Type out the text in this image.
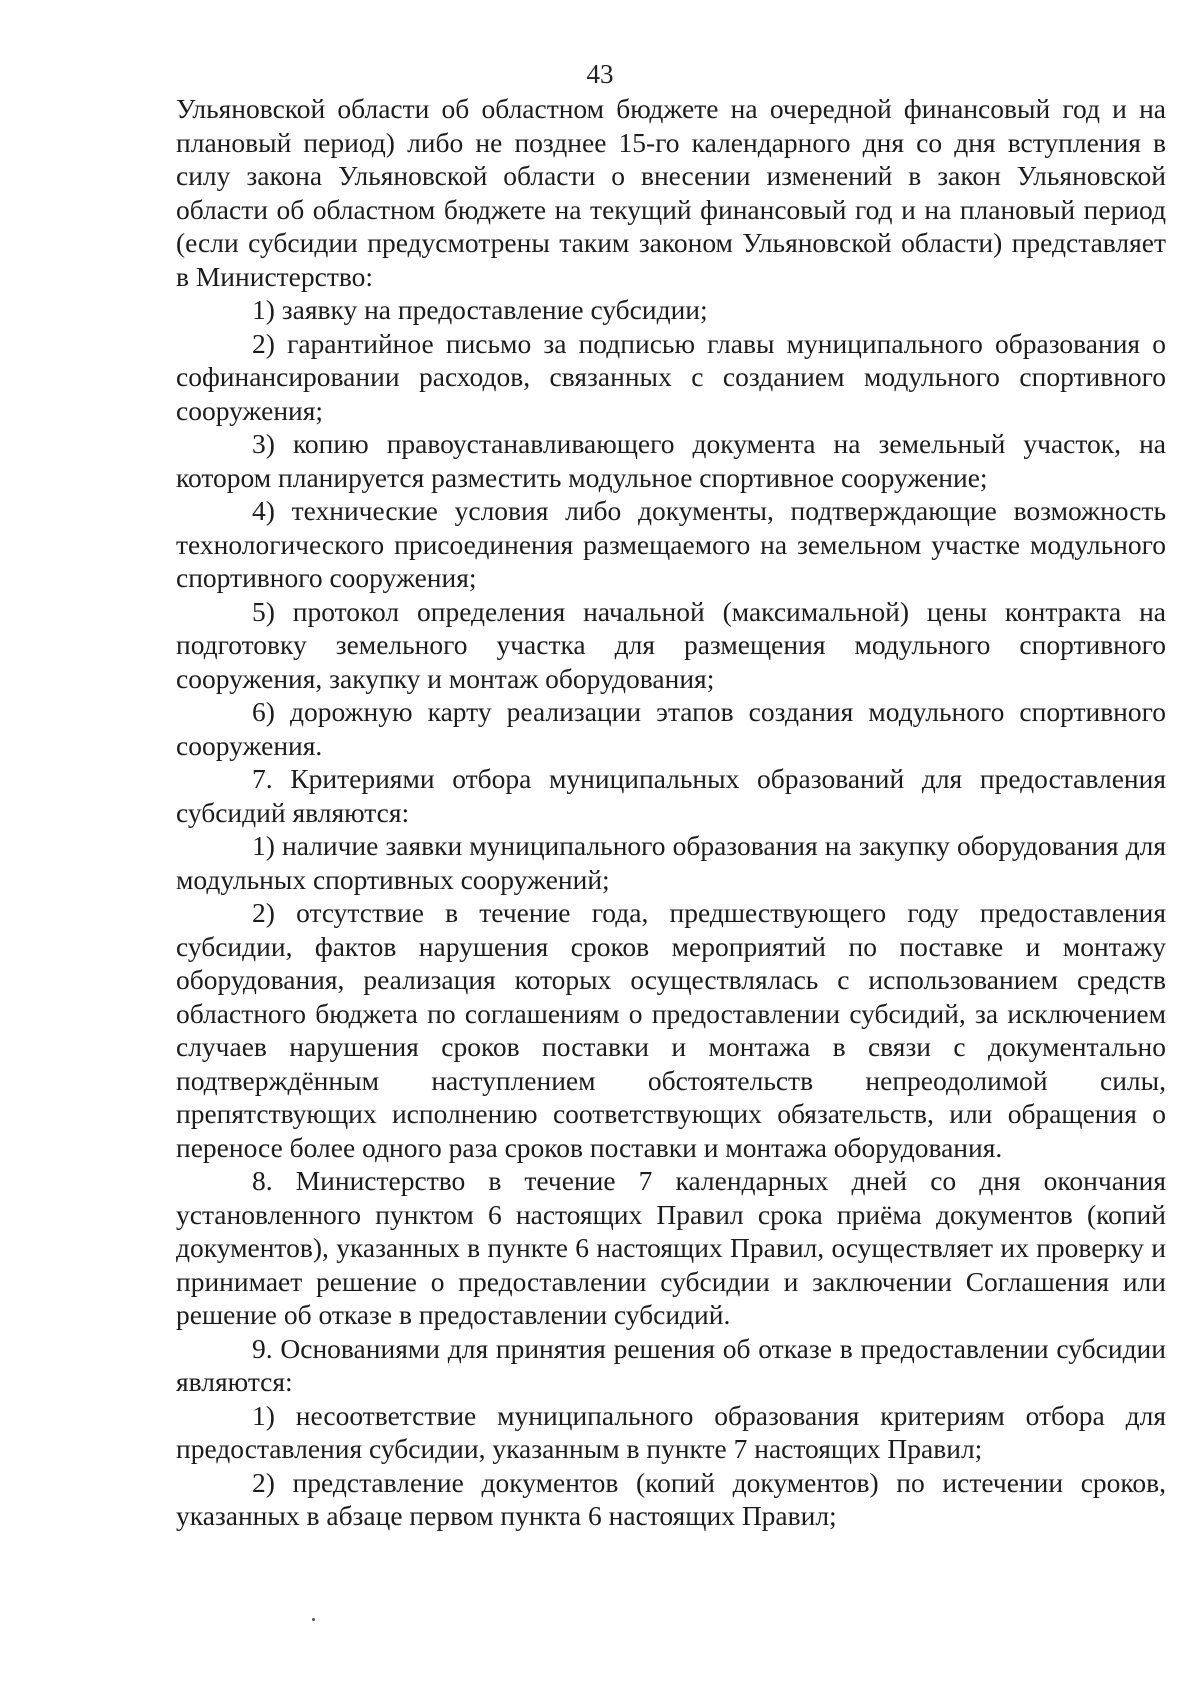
43

Ульяновской области об областном бюджете на очередной финансовый год и на плановый период) либо не позднее 15-го календарного дня со дня вступления в силу закона Ульяновской области о внесении изменений в закон Ульяновской области об областном бюджете на текущий финансовый год и на плановый период (если субсидии предусмотрены таким законом Ульяновской области) представляет в Министерство:

1) заявку на предоставление субсидии;

2) гарантийное письмо за подписью главы муниципального образования о софинансировании расходов, связанных с созданием модульного спортивного сооружения;

3) копию правоустанавливающего документа на земельный участок, на котором планируется разместить модульное спортивное сооружение;

4) технические условия либо документы, подтверждающие возможность технологического присоединения размещаемого на земельном участке модульного спортивного сооружения;

5) протокол определения начальной (максимальной) цены контракта на подготовку земельного участка для размещения модульного спортивного сооружения, закупку и монтаж оборудования;

6) дорожную карту реализации этапов создания модульного спортивного сооружения.

7. Критериями отбора муниципальных образований для предоставления субсидий являются:

1) наличие заявки муниципального образования на закупку оборудования для модульных спортивных сооружений;

2) отсутствие в течение года, предшествующего году предоставления субсидии, фактов нарушения сроков мероприятий по поставке и монтажу оборудования, реализация которых осуществлялась с использованием средств областного бюджета по соглашениям о предоставлении субсидий, за исключением случаев нарушения сроков поставки и монтажа в связи с документально подтверждённым наступлением обстоятельств непреодолимой силы, препятствующих исполнению соответствующих обязательств, или обращения о переносе более одного раза сроков поставки и монтажа оборудования.

8. Министерство в течение 7 календарных дней со дня окончания установленного пунктом 6 настоящих Правил срока приёма документов (копий документов), указанных в пункте 6 настоящих Правил, осуществляет их проверку и принимает решение о предоставлении субсидии и заключении Соглашения или решение об отказе в предоставлении субсидий.

9. Основаниями для принятия решения об отказе в предоставлении субсидии являются:

1) несоответствие муниципального образования критериям отбора для предоставления субсидии, указанным в пункте 7 настоящих Правил;

2) представление документов (копий документов) по истечении сроков, указанных в абзаце первом пункта 6 настоящих Правил;
